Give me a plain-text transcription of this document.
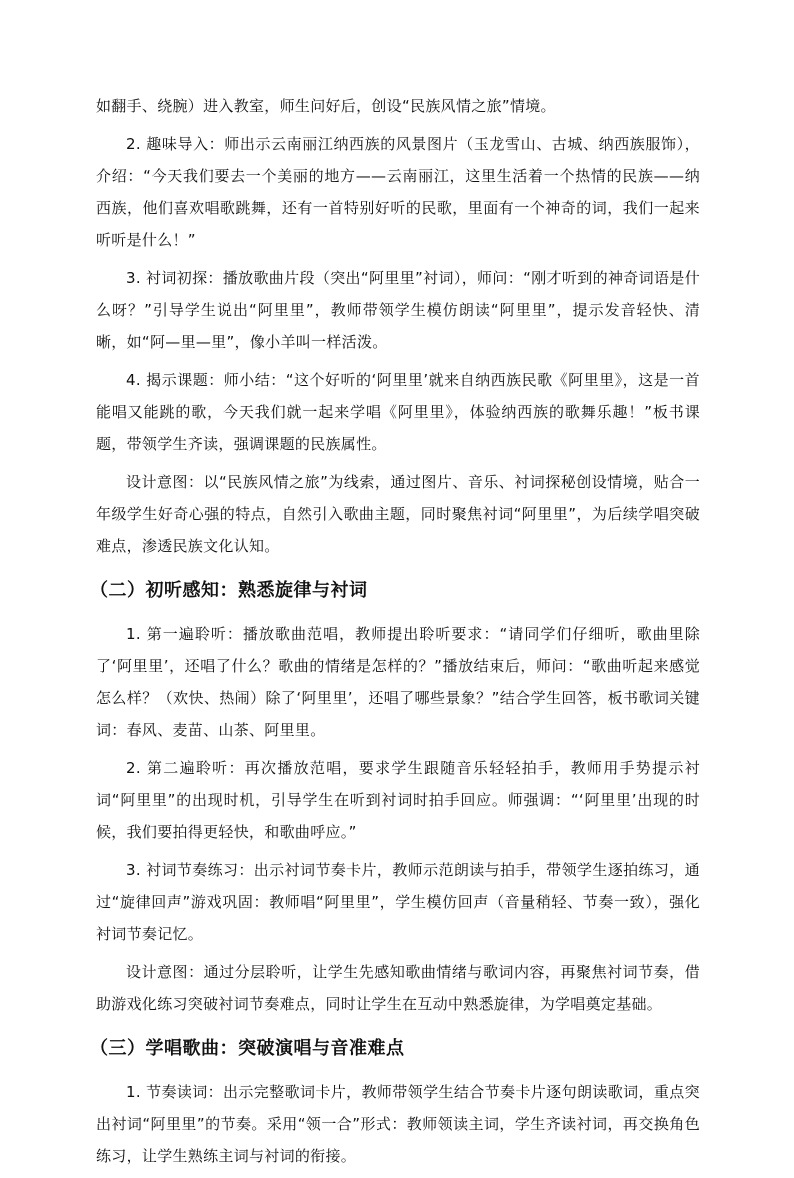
如翻手、绕腕）进入教室，师生问好后，创设“民族风情之旅”情境。

2. 趣味导入：师出示云南丽江纳西族的风景图片（玉龙雪山、古城、纳西族服饰），介绍：“今天我们要去一个美丽的地方——云南丽江，这里生活着一个热情的民族——纳西族，他们喜欢唱歌跳舞，还有一首特别好听的民歌，里面有一个神奇的词，我们一起来听听是什么！”

3. 衬词初探：播放歌曲片段（突出“阿里里”衬词），师问：“刚才听到的神奇词语是什么呀？”引导学生说出“阿里里”，教师带领学生模仿朗读“阿里里”，提示发音轻快、清晰，如“阿—里—里”，像小羊叫一样活泼。

4. 揭示课题：师小结：“这个好听的‘阿里里’就来自纳西族民歌《阿里里》，这是一首能唱又能跳的歌，今天我们就一起来学唱《阿里里》，体验纳西族的歌舞乐趣！”板书课题，带领学生齐读，强调课题的民族属性。

设计意图：以“民族风情之旅”为线索，通过图片、音乐、衬词探秘创设情境，贴合一年级学生好奇心强的特点，自然引入歌曲主题，同时聚焦衬词“阿里里”，为后续学唱突破难点，渗透民族文化认知。

（二）初听感知：熟悉旋律与衬词

1. 第一遍聆听：播放歌曲范唱，教师提出聆听要求：“请同学们仔细听，歌曲里除了‘阿里里’，还唱了什么？歌曲的情绪是怎样的？”播放结束后，师问：“歌曲听起来感觉怎么样？（欢快、热闹）除了‘阿里里’，还唱了哪些景象？”结合学生回答，板书歌词关键词：春风、麦苗、山茶、阿里里。

2. 第二遍聆听：再次播放范唱，要求学生跟随音乐轻轻拍手，教师用手势提示衬词“阿里里”的出现时机，引导学生在听到衬词时拍手回应。师强调：“‘阿里里’出现的时候，我们要拍得更轻快，和歌曲呼应。”

3. 衬词节奏练习：出示衬词节奏卡片，教师示范朗读与拍手，带领学生逐拍练习，通过“旋律回声”游戏巩固：教师唱“阿里里”，学生模仿回声（音量稍轻、节奏一致），强化衬词节奏记忆。

设计意图：通过分层聆听，让学生先感知歌曲情绪与歌词内容，再聚焦衬词节奏，借助游戏化练习突破衬词节奏难点，同时让学生在互动中熟悉旋律，为学唱奠定基础。

（三）学唱歌曲：突破演唱与音准难点

1. 节奏读词：出示完整歌词卡片，教师带领学生结合节奏卡片逐句朗读歌词，重点突出衬词“阿里里”的节奏。采用“领一合”形式：教师领读主词，学生齐读衬词，再交换角色练习，让学生熟练主词与衬词的衔接。
